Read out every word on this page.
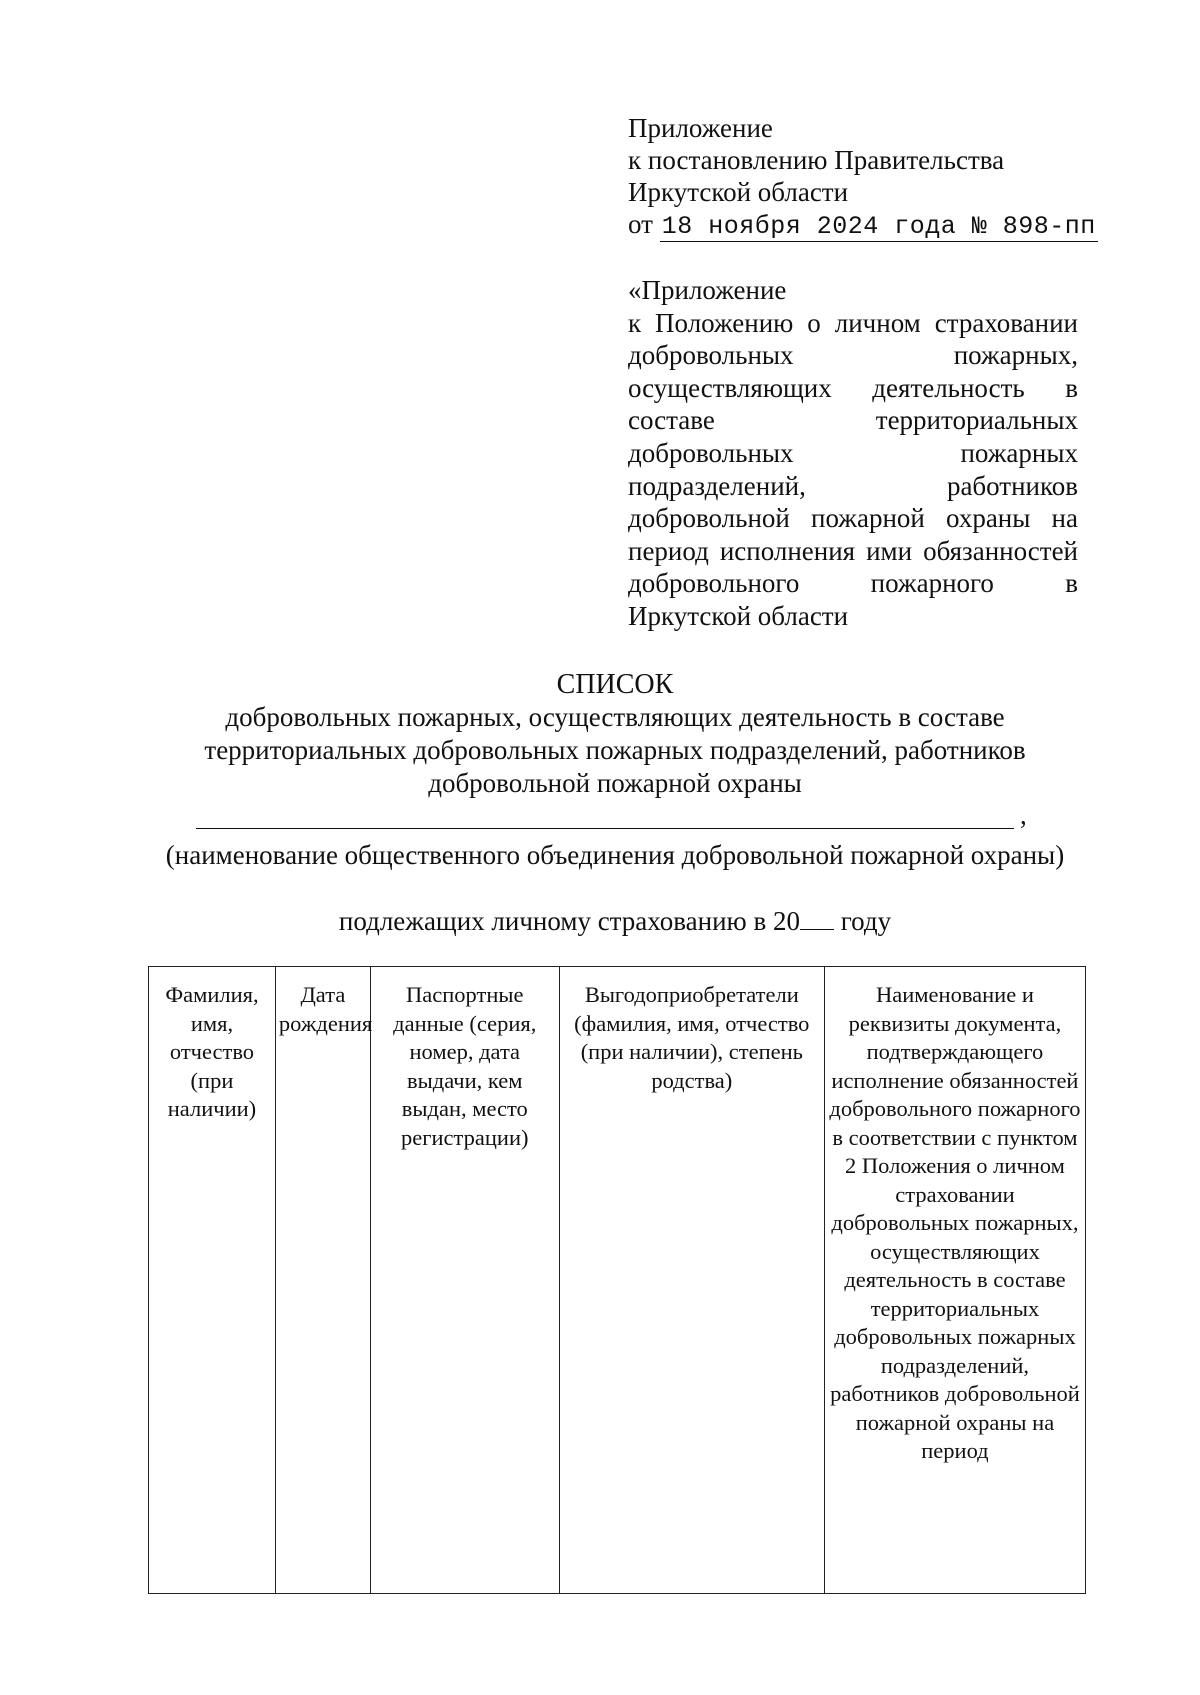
Приложение
к постановлению Правительства
Иркутской области
от 18 ноября 2024 года № 898-пп
«Приложение
к Положению о личном страховании добровольных пожарных, осуществляющих деятельность в составе территориальных добровольных пожарных подразделений, работников добровольной пожарной охраны на период исполнения ими обязанностей добровольного пожарного в Иркутской области
СПИСОК
добровольных пожарных, осуществляющих деятельность в составе
территориальных добровольных пожарных подразделений, работников
добровольной пожарной охраны
,
(наименование общественного объединения добровольной пожарной охраны)
подлежащих личному страхованию в 20 году
Фамилия, имя, отчество (при наличии)	Дата рождения	Паспортные данные (серия, номер, дата выдачи, кем выдан, место регистрации)	Выгодоприобретатели (фамилия, имя, отчество (при наличии), степень родства)	Наименование и реквизиты документа, подтверждающего исполнение обязанностей добровольного пожарного в соответствии с пунктом 2 Положения о личном страховании добровольных пожарных, осуществляющих деятельность в составе территориальных добровольных пожарных подразделений, работников добровольной пожарной охраны на период
